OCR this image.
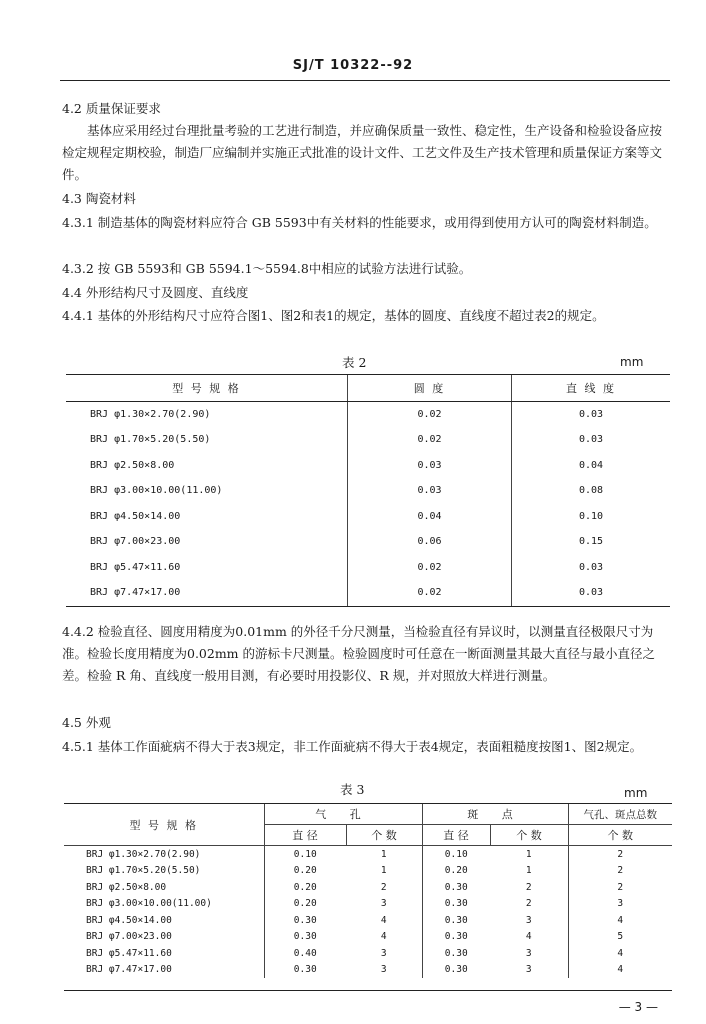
SJ/T 10322--92
4.2 质量保证要求
基体应采用经过台理批量考验的工艺进行制造，并应确保质量一致性、稳定性，生产设备和检验设备应按检定规程定期校验，制造厂应编制并实施正式批准的设计文件、工艺文件及生产技术管理和质量保证方案等文件。
4.3 陶瓷材料
4.3.1 制造基体的陶瓷材料应符合 GB 5593中有关材料的性能要求，或用得到使用方认可的陶瓷材料制造。
4.3.2 按 GB 5593和 GB 5594.1～5594.8中相应的试验方法进行试验。
4.4 外形结构尺寸及圆度、直线度
4.4.1 基体的外形结构尺寸应符合图1、图2和表1的规定，基体的圆度、直线度不超过表2的规定。
表 2	mm
型 号 规 格	圆 度	直 线 度
BRJ φ1.30×2.70(2.90)	0.02	0.03
BRJ φ1.70×5.20(5.50)	0.02	0.03
BRJ φ2.50×8.00	0.03	0.04
BRJ φ3.00×10.00(11.00)	0.03	0.08
BRJ φ4.50×14.00	0.04	0.10
BRJ φ7.00×23.00	0.06	0.15
BRJ φ5.47×11.60	0.02	0.03
BRJ φ7.47×17.00	0.02	0.03
4.4.2 检验直径、圆度用精度为0.01mm 的外径千分尺测量，当检验直径有异议时，以测量直径极限尺寸为准。检验长度用精度为0.02mm 的游标卡尺测量。检验圆度时可任意在一断面测量其最大直径与最小直径之差。检验 R 角、直线度一般用目测，有必要时用投影仪、R 规，并对照放大样进行测量。
4.5 外观
4.5.1 基体工作面疵病不得大于表3规定，非工作面疵病不得大于表4规定，表面粗糙度按图1、图2规定。
表 3	mm
型 号 规 格	气 孔		斑 点		气孔、斑点总数
	直 径	个 数	直 径	个 数	个 数
BRJ φ1.30×2.70(2.90)	0.10	1	0.10	1	2
BRJ φ1.70×5.20(5.50)	0.20	1	0.20	1	2
BRJ φ2.50×8.00	0.20	2	0.30	2	2
BRJ φ3.00×10.00(11.00)	0.20	3	0.30	2	3
BRJ φ4.50×14.00	0.30	4	0.30	3	4
BRJ φ7.00×23.00	0.30	4	0.30	4	5
BRJ φ5.47×11.60	0.40	3	0.30	3	4
BRJ φ7.47×17.00	0.30	3	0.30	3	4
— 3 —
